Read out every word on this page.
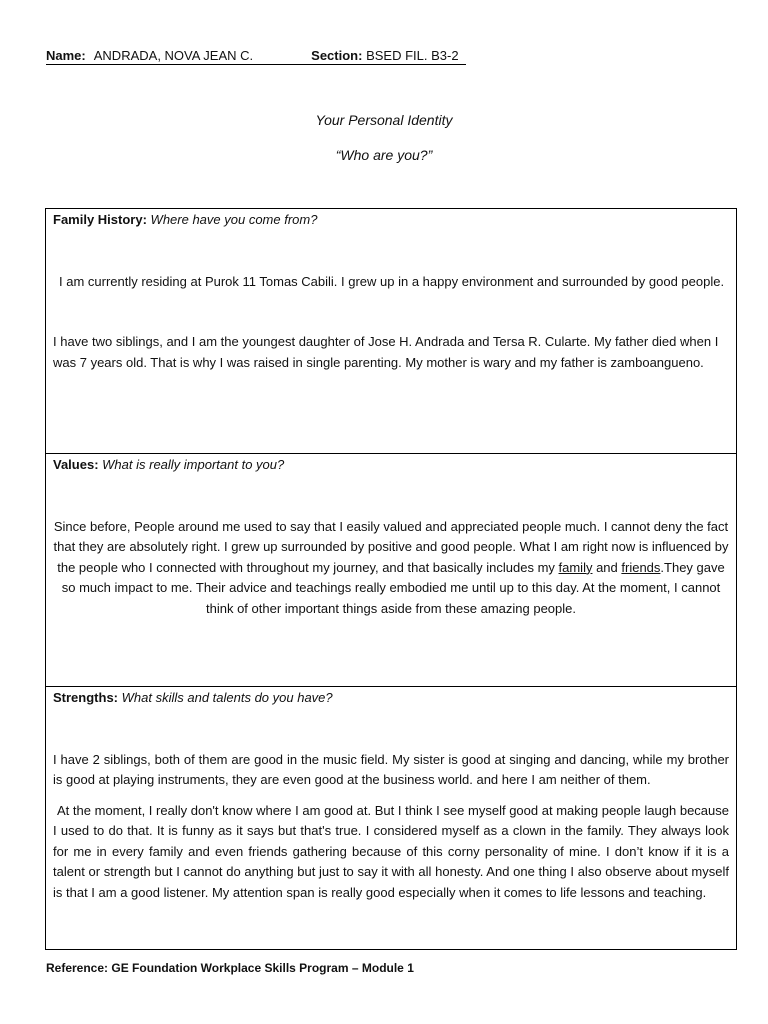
Name: ANDRADA, NOVA JEAN C.	Section: BSED FIL. B3-2
Your Personal Identity
“Who are you?”
Family History: Where have you come from?

I am currently residing at Purok 11 Tomas Cabili. I grew up in a happy environment and surrounded by good people.

I have two siblings, and I am the youngest daughter of Jose H. Andrada and Tersa R. Cularte. My father died when I was 7 years old. That is why I was raised in single parenting. My mother is wary and my father is zamboangueno.

Values: What is really important to you?

Since before, People around me used to say that I easily valued and appreciated people much. I cannot deny the fact that they are absolutely right. I grew up surrounded by positive and good people. What I am right now is influenced by the people who I connected with throughout my journey, and that basically includes my family and friends.They gave so much impact to me. Their advice and teachings really embodied me until up to this day. At the moment, I cannot think of other important things aside from these amazing people.

Strengths: What skills and talents do you have?

I have 2 siblings, both of them are good in the music field. My sister is good at singing and dancing, while my brother is good at playing instruments, they are even good at the business world. and here I am neither of them.

At the moment, I really don't know where I am good at. But I think I see myself good at making people laugh because I used to do that. It is funny as it says but that's true. I considered myself as a clown in the family. They always look for me in every family and even friends gathering because of this corny personality of mine. I don’t know if it is a talent or strength but I cannot do anything but just to say it with all honesty. And one thing I also observe about myself is that I am a good listener. My attention span is really good especially when it comes to life lessons and teaching.

Reference: GE Foundation Workplace Skills Program – Module 1
